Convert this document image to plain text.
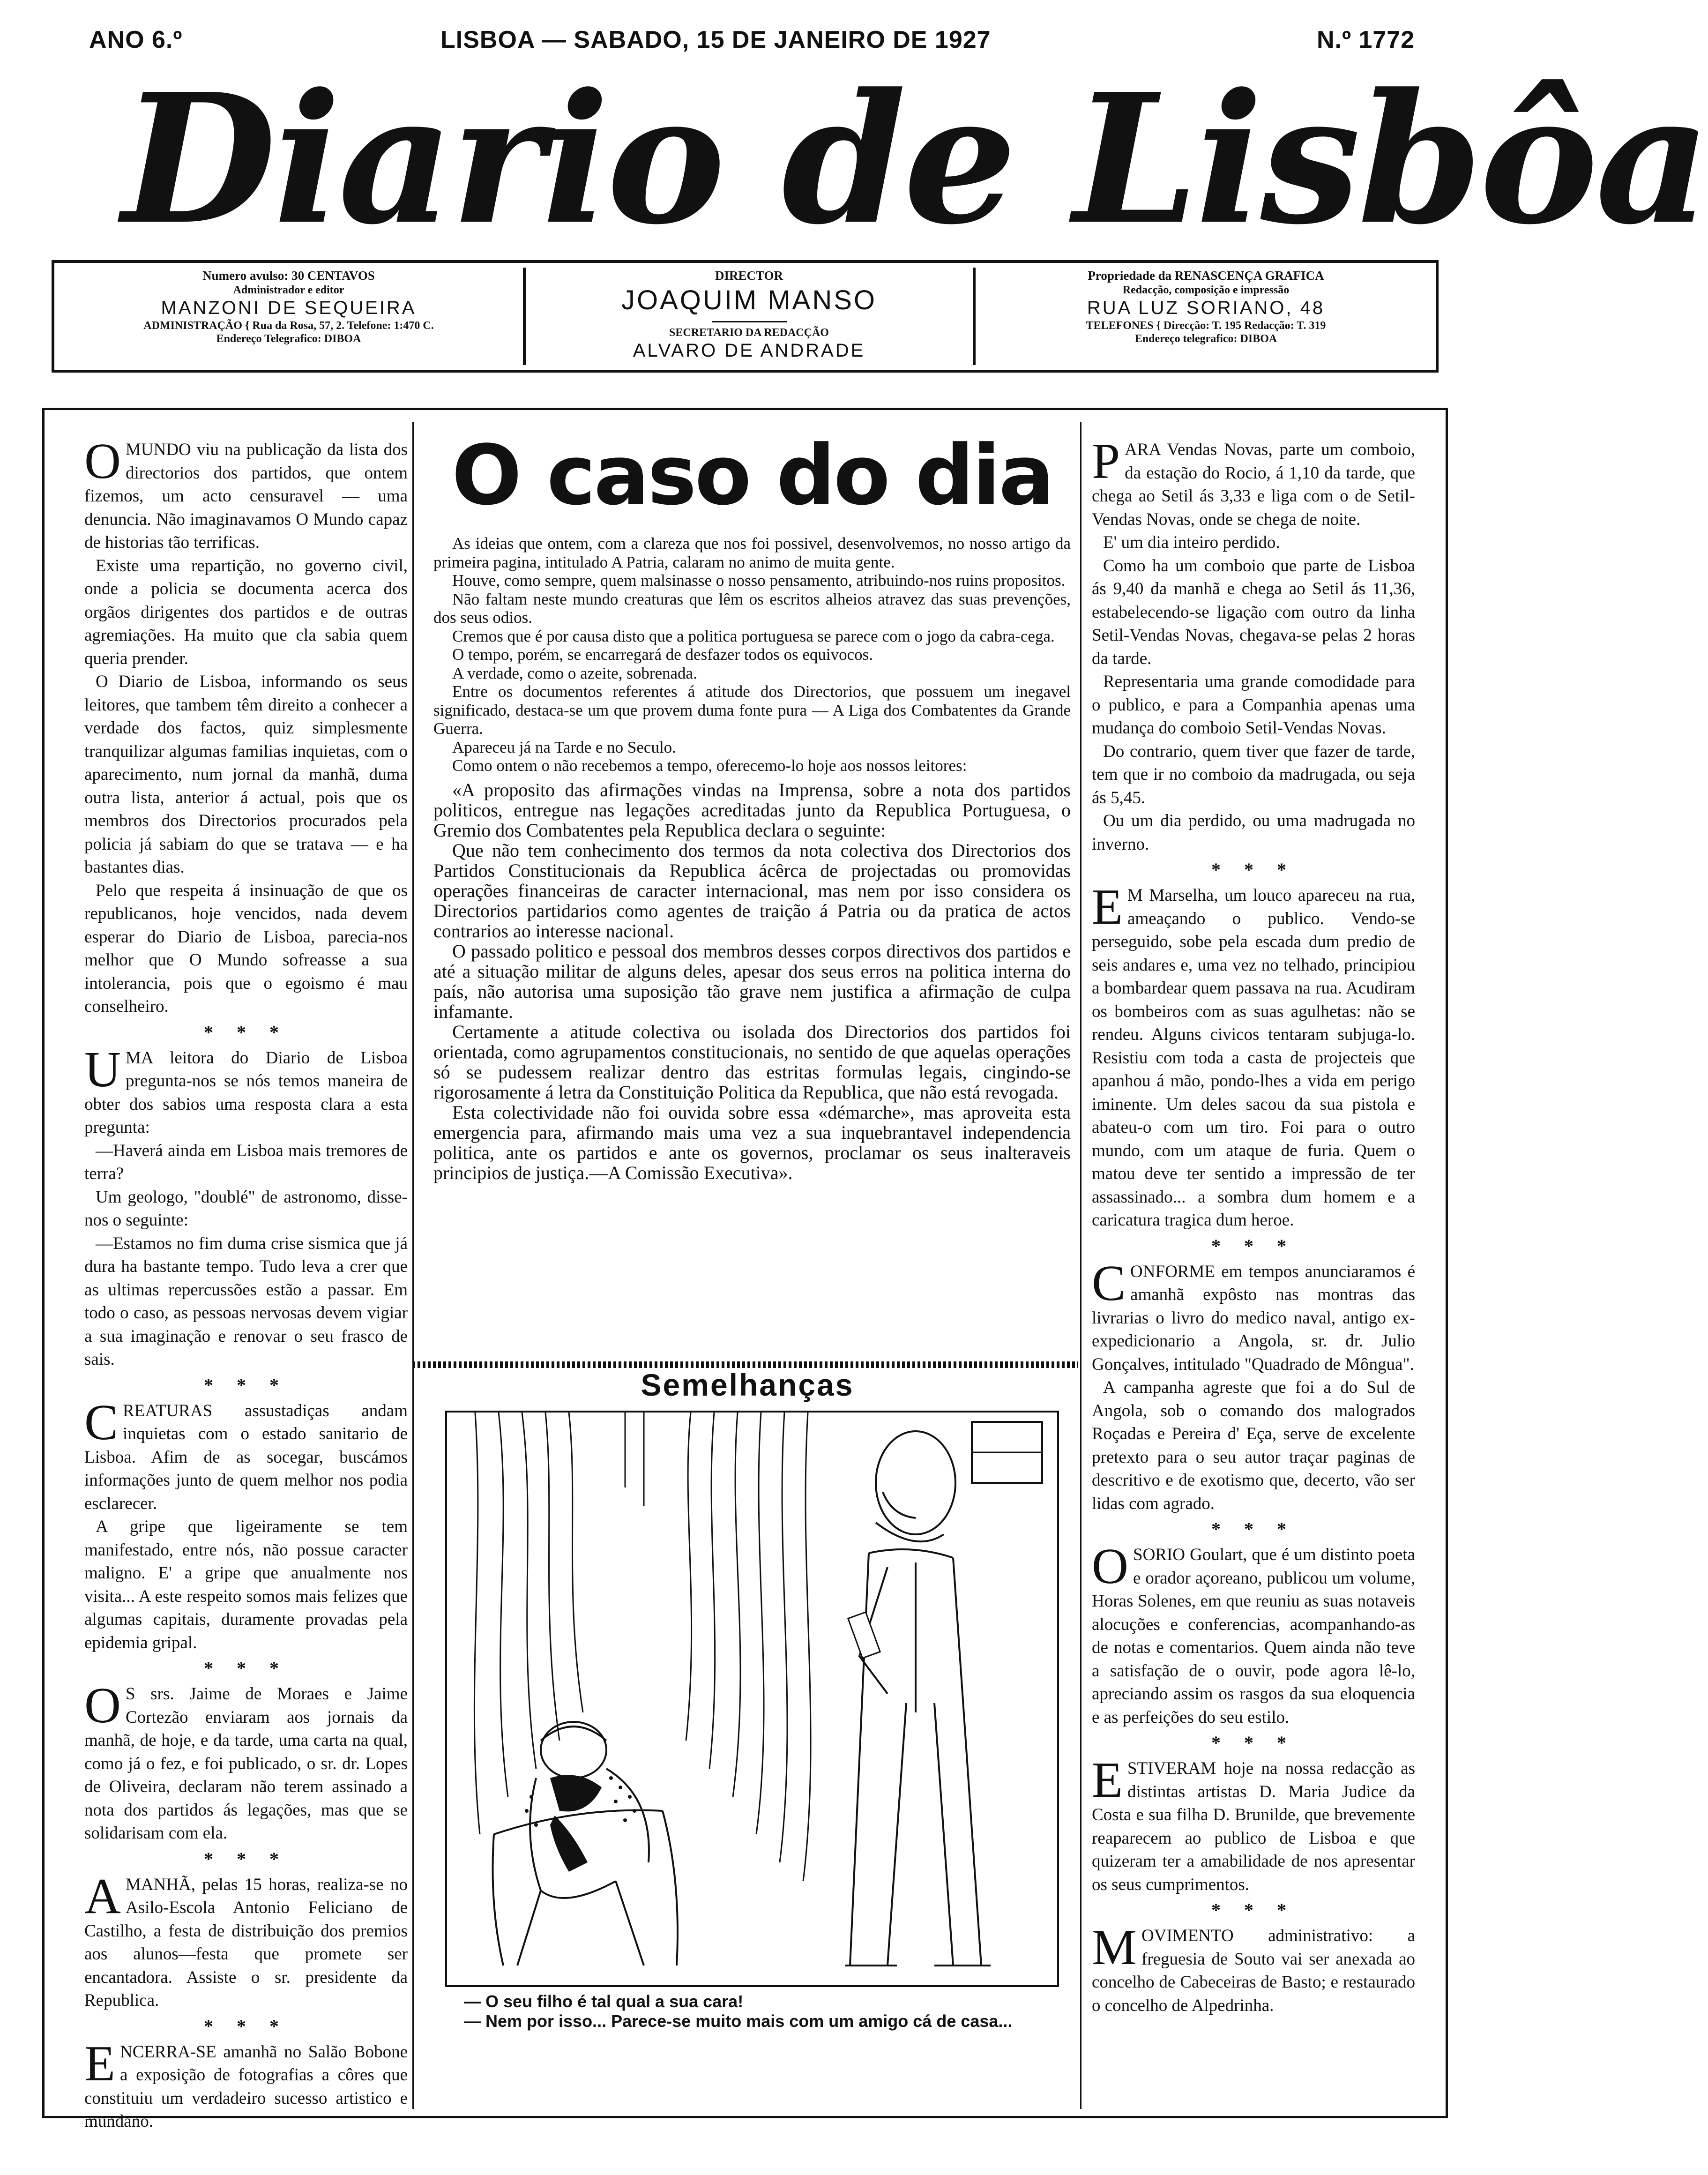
ANO 6.º	LISBOA — SABADO, 15 DE JANEIRO DE 1927	N.º 1772
Diario de Lisbôa
Numero avulso: 30 CENTAVOS
Administrador e editor
MANZONI DE SEQUEIRA
ADMINISTRAÇÃO { Rua da Rosa, 57, 2. Telefone: 1:470 C.
Endereço Telegrafico: DIBOA
DIRECTOR
JOAQUIM MANSO
SECRETARIO DA REDACÇÃO
ALVARO DE ANDRADE
Propriedade da RENASCENÇA GRAFICA
Redacção, composição e impressão
RUA LUZ SORIANO, 48
TELEFONES { Direcção: T. 195 Redacção: T. 319
Endereço telegrafico: DIBOA

OMUNDO viu na publicação da lista dos directorios dos partidos, que ontem fizemos, um acto censuravel — uma denuncia. Não imaginavamos O Mundo capaz de historias tão terrificas.

Existe uma repartição, no governo civil, onde a policia se documenta acerca dos orgãos dirigentes dos partidos e de outras agremiações. Ha muito que cla sabia quem queria prender.

O Diario de Lisboa, informando os seus leitores, que tambem têm direito a conhecer a verdade dos factos, quiz simplesmente tranquilizar algumas familias inquietas, com o aparecimento, num jornal da manhã, duma outra lista, anterior á actual, pois que os membros dos Directorios procurados pela policia já sabiam do que se tratava — e ha bastantes dias.

Pelo que respeita á insinuação de que os republicanos, hoje vencidos, nada devem esperar do Diario de Lisboa, parecia-nos melhor que O Mundo sofreasse a sua intolerancia, pois que o egoismo é mau conselheiro.

* * *

UMA leitora do Diario de Lisboa pregunta-nos se nós temos maneira de obter dos sabios uma resposta clara a esta pregunta:

—Haverá ainda em Lisboa mais tremores de terra?

Um geologo, "doublé" de astronomo, disse-nos o seguinte:

—Estamos no fim duma crise sismica que já dura ha bastante tempo. Tudo leva a crer que as ultimas repercussões estão a passar. Em todo o caso, as pessoas nervosas devem vigiar a sua imaginação e renovar o seu frasco de sais.

* * *

CREATURAS assustadiças andam inquietas com o estado sanitario de Lisboa. Afim de as socegar, buscámos informações junto de quem melhor nos podia esclarecer.

A gripe que ligeiramente se tem manifestado, entre nós, não possue caracter maligno. E' a gripe que anualmente nos visita... A este respeito somos mais felizes que algumas capitais, duramente provadas pela epidemia gripal.

* * *

O S srs. Jaime de Moraes e Jaime Cortezão enviaram aos jornais da manhã, de hoje, e da tarde, uma carta na qual, como já o fez, e foi publicado, o sr. dr. Lopes de Oliveira, declaram não terem assinado a nota dos partidos ás legações, mas que se solidarisam com ela.

* * *

AMANHÃ, pelas 15 horas, realiza-se no Asilo-Escola Antonio Feliciano de Castilho, a festa de distribuição dos premios aos alunos—festa que promete ser encantadora. Assiste o sr. presidente da Republica.

* * *

ENCERRA-SE amanhã no Salão Bobone a exposição de fotografias a côres que constituiu um verdadeiro sucesso artistico e mundano.

O caso do dia

As ideias que ontem, com a clareza que nos foi possivel, desenvolvemos, no nosso artigo da primeira pagina, intitulado A Patria, calaram no animo de muita gente.

Houve, como sempre, quem malsinasse o nosso pensamento, atribuindo-nos ruins propositos.

Não faltam neste mundo creaturas que lêm os escritos alheios atravez das suas prevenções, dos seus odios.

Cremos que é por causa disto que a politica portuguesa se parece com o jogo da cabra-cega.

O tempo, porém, se encarregará de desfazer todos os equivocos.

A verdade, como o azeite, sobrenada.

Entre os documentos referentes á atitude dos Directorios, que possuem um inegavel significado, destaca-se um que provem duma fonte pura — A Liga dos Combatentes da Grande Guerra.

Apareceu já na Tarde e no Seculo.

Como ontem o não recebemos a tempo, oferecemo-lo hoje aos nossos leitores:

«A proposito das afirmações vindas na Imprensa, sobre a nota dos partidos politicos, entregue nas legações acreditadas junto da Republica Portuguesa, o Gremio dos Combatentes pela Republica declara o seguinte:

Que não tem conhecimento dos termos da nota colectiva dos Directorios dos Partidos Constitucionais da Republica ácêrca de projectadas ou promovidas operações financeiras de caracter internacional, mas nem por isso considera os Directorios partidarios como agentes de traição á Patria ou da pratica de actos contrarios ao interesse nacional.

O passado politico e pessoal dos membros desses corpos directivos dos partidos e até a situação militar de alguns deles, apesar dos seus erros na politica interna do país, não autorisa uma suposição tão grave nem justifica a afirmação de culpa infamante.

Certamente a atitude colectiva ou isolada dos Directorios dos partidos foi orientada, como agrupamentos constitucionais, no sentido de que aquelas operações só se pudessem realizar dentro das estritas formulas legais, cingindo-se rigorosamente á letra da Constituição Politica da Republica, que não está revogada.

Esta colectividade não foi ouvida sobre essa «démarche», mas aproveita esta emergencia para, afirmando mais uma vez a sua inquebrantavel independencia politica, ante os partidos e ante os governos, proclamar os seus inalteraveis principios de justiça.—A Comissão Executiva».

Semelhanças

— O seu filho é tal qual a sua cara!

— Nem por isso... Parece-se muito mais com um amigo cá de casa...

PARA Vendas Novas, parte um comboio, da estação do Rocio, á 1,10 da tarde, que chega ao Setil ás 3,33 e liga com o de Setil-Vendas Novas, onde se chega de noite.

E' um dia inteiro perdido.

Como ha um comboio que parte de Lisboa ás 9,40 da manhã e chega ao Setil ás 11,36, estabelecendo-se ligação com outro da linha Setil-Vendas Novas, chegava-se pelas 2 horas da tarde.

Representaria uma grande comodidade para o publico, e para a Companhia apenas uma mudança do comboio Setil-Vendas Novas.

Do contrario, quem tiver que fazer de tarde, tem que ir no comboio da madrugada, ou seja ás 5,45.

Ou um dia perdido, ou uma madrugada no inverno.

* * *

E M Marselha, um louco apareceu na rua, ameaçando o publico. Vendo-se perseguido, sobe pela escada dum predio de seis andares e, uma vez no telhado, principiou a bombardear quem passava na rua. Acudiram os bombeiros com as suas agulhetas: não se rendeu. Alguns civicos tentaram subjuga-lo. Resistiu com toda a casta de projecteis que apanhou á mão, pondo-lhes a vida em perigo iminente. Um deles sacou da sua pistola e abateu-o com um tiro. Foi para o outro mundo, com um ataque de furia. Quem o matou deve ter sentido a impressão de ter assassinado... a sombra dum homem e a caricatura tragica dum heroe.

* * *

CONFORME em tempos anunciaramos é amanhã expôsto nas montras das livrarias o livro do medico naval, antigo ex-expedicionario a Angola, sr. dr. Julio Gonçalves, intitulado "Quadrado de Môngua".

A campanha agreste que foi a do Sul de Angola, sob o comando dos malogrados Roçadas e Pereira d' Eça, serve de excelente pretexto para o seu autor traçar paginas de descritivo e de exotismo que, decerto, vão ser lidas com agrado.

* * *

OSORIO Goulart, que é um distinto poeta e orador açoreano, publicou um volume, Horas Solenes, em que reuniu as suas notaveis alocuções e conferencias, acompanhando-as de notas e comentarios. Quem ainda não teve a satisfação de o ouvir, pode agora lê-lo, apreciando assim os rasgos da sua eloquencia e as perfeições do seu estilo.

* * *

ESTIVERAM hoje na nossa redacção as distintas artistas D. Maria Judice da Costa e sua filha D. Brunilde, que brevemente reaparecem ao publico de Lisboa e que quizeram ter a amabilidade de nos apresentar os seus cumprimentos.

* * *

MOVIMENTO administrativo: a freguesia de Souto vai ser anexada ao concelho de Cabeceiras de Basto; e restaurado o concelho de Alpedrinha.
